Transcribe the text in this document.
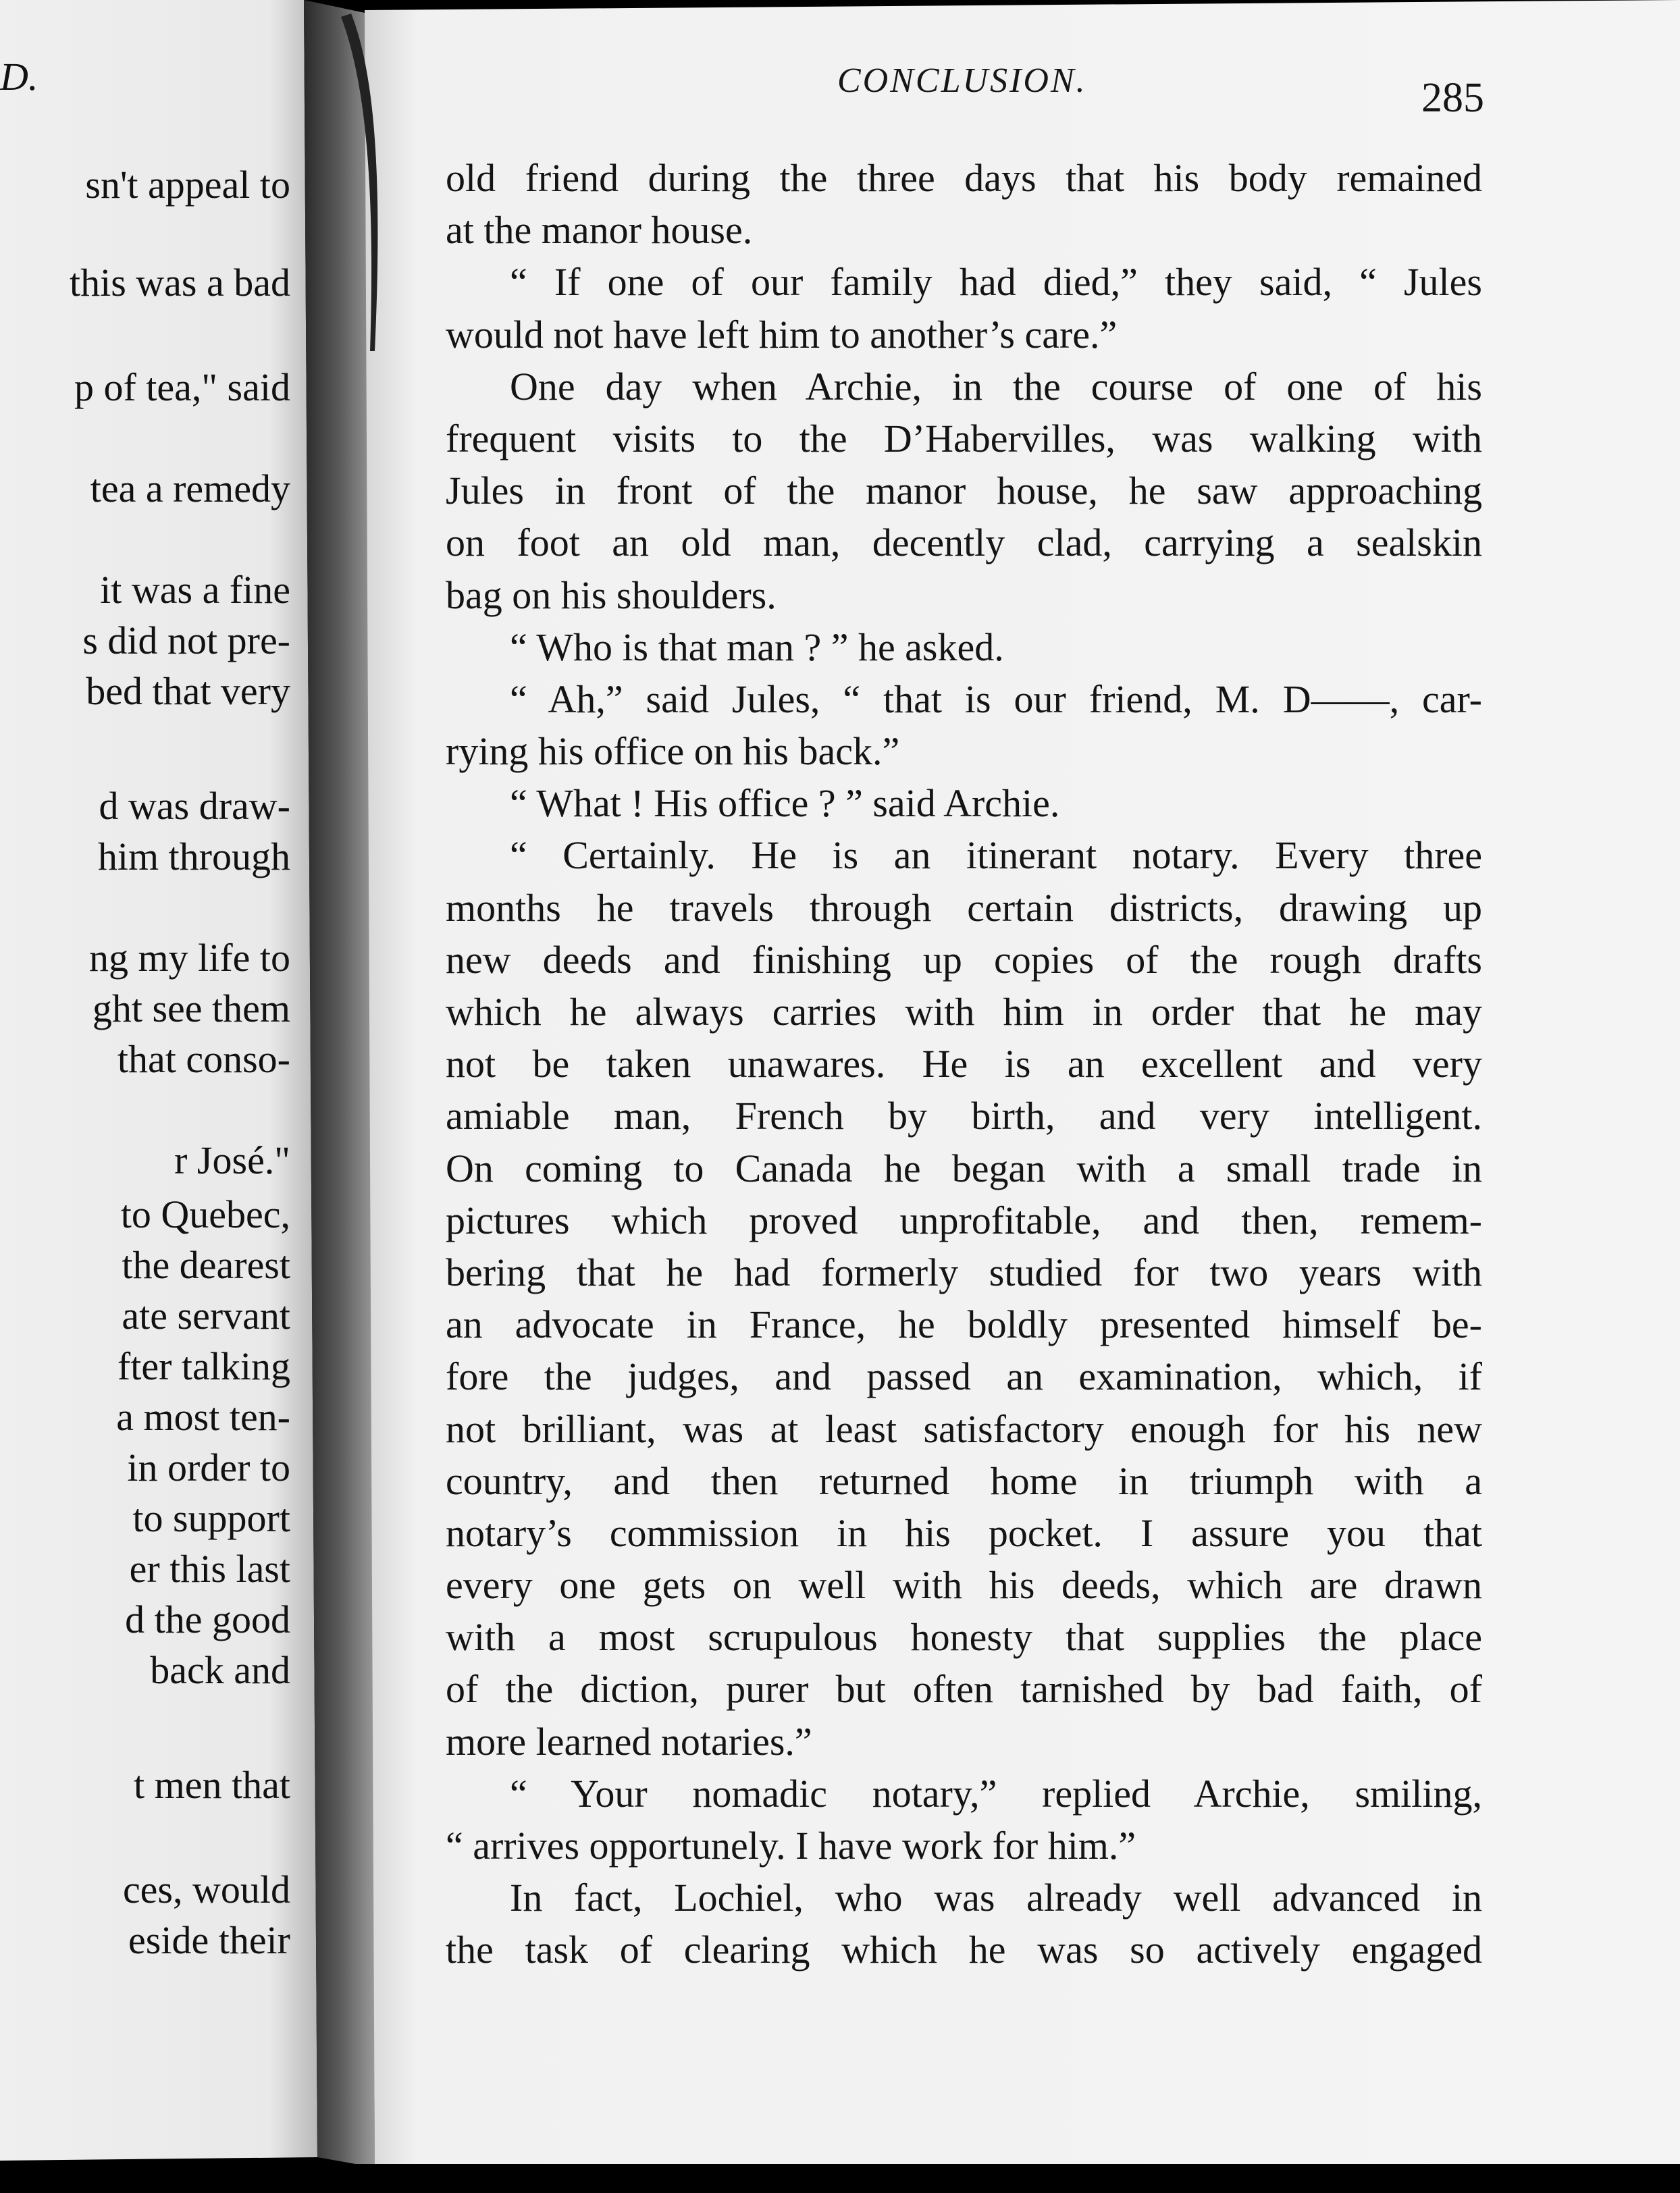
D.
sn't appeal to
this was a bad
p of tea," said
tea a remedy
it was a fine
s did not pre-
bed that very
d was draw-
him through
ng my life to
ght see them
that conso-
r José."
to Quebec,
the dearest
ate servant
fter talking
a most ten-
in order to
to support
er this last
d the good
back and
t men that
ces, would
eside their
CONCLUSION.	285
old friend during the three days that his body remained
at the manor house.
“ If one of our family had died,” they said, “ Jules
would not have left him to another’s care.”
One day when Archie, in the course of one of his
frequent visits to the D’Habervilles, was walking with
Jules in front of the manor house, he saw approaching
on foot an old man, decently clad, carrying a sealskin
bag on his shoulders.
“ Who is that man ? ” he asked.
“ Ah,” said Jules, “ that is our friend, M. D——, car-
rying his office on his back.”
“ What ! His office ? ” said Archie.
“ Certainly. He is an itinerant notary. Every three
months he travels through certain districts, drawing up
new deeds and finishing up copies of the rough drafts
which he always carries with him in order that he may
not be taken unawares. He is an excellent and very
amiable man, French by birth, and very intelligent.
On coming to Canada he began with a small trade in
pictures which proved unprofitable, and then, remem-
bering that he had formerly studied for two years with
an advocate in France, he boldly presented himself be-
fore the judges, and passed an examination, which, if
not brilliant, was at least satisfactory enough for his new
country, and then returned home in triumph with a
notary’s commission in his pocket. I assure you that
every one gets on well with his deeds, which are drawn
with a most scrupulous honesty that supplies the place
of the diction, purer but often tarnished by bad faith, of
more learned notaries.”
“ Your nomadic notary,” replied Archie, smiling,
“ arrives opportunely. I have work for him.”
In fact, Lochiel, who was already well advanced in
the task of clearing which he was so actively engaged
